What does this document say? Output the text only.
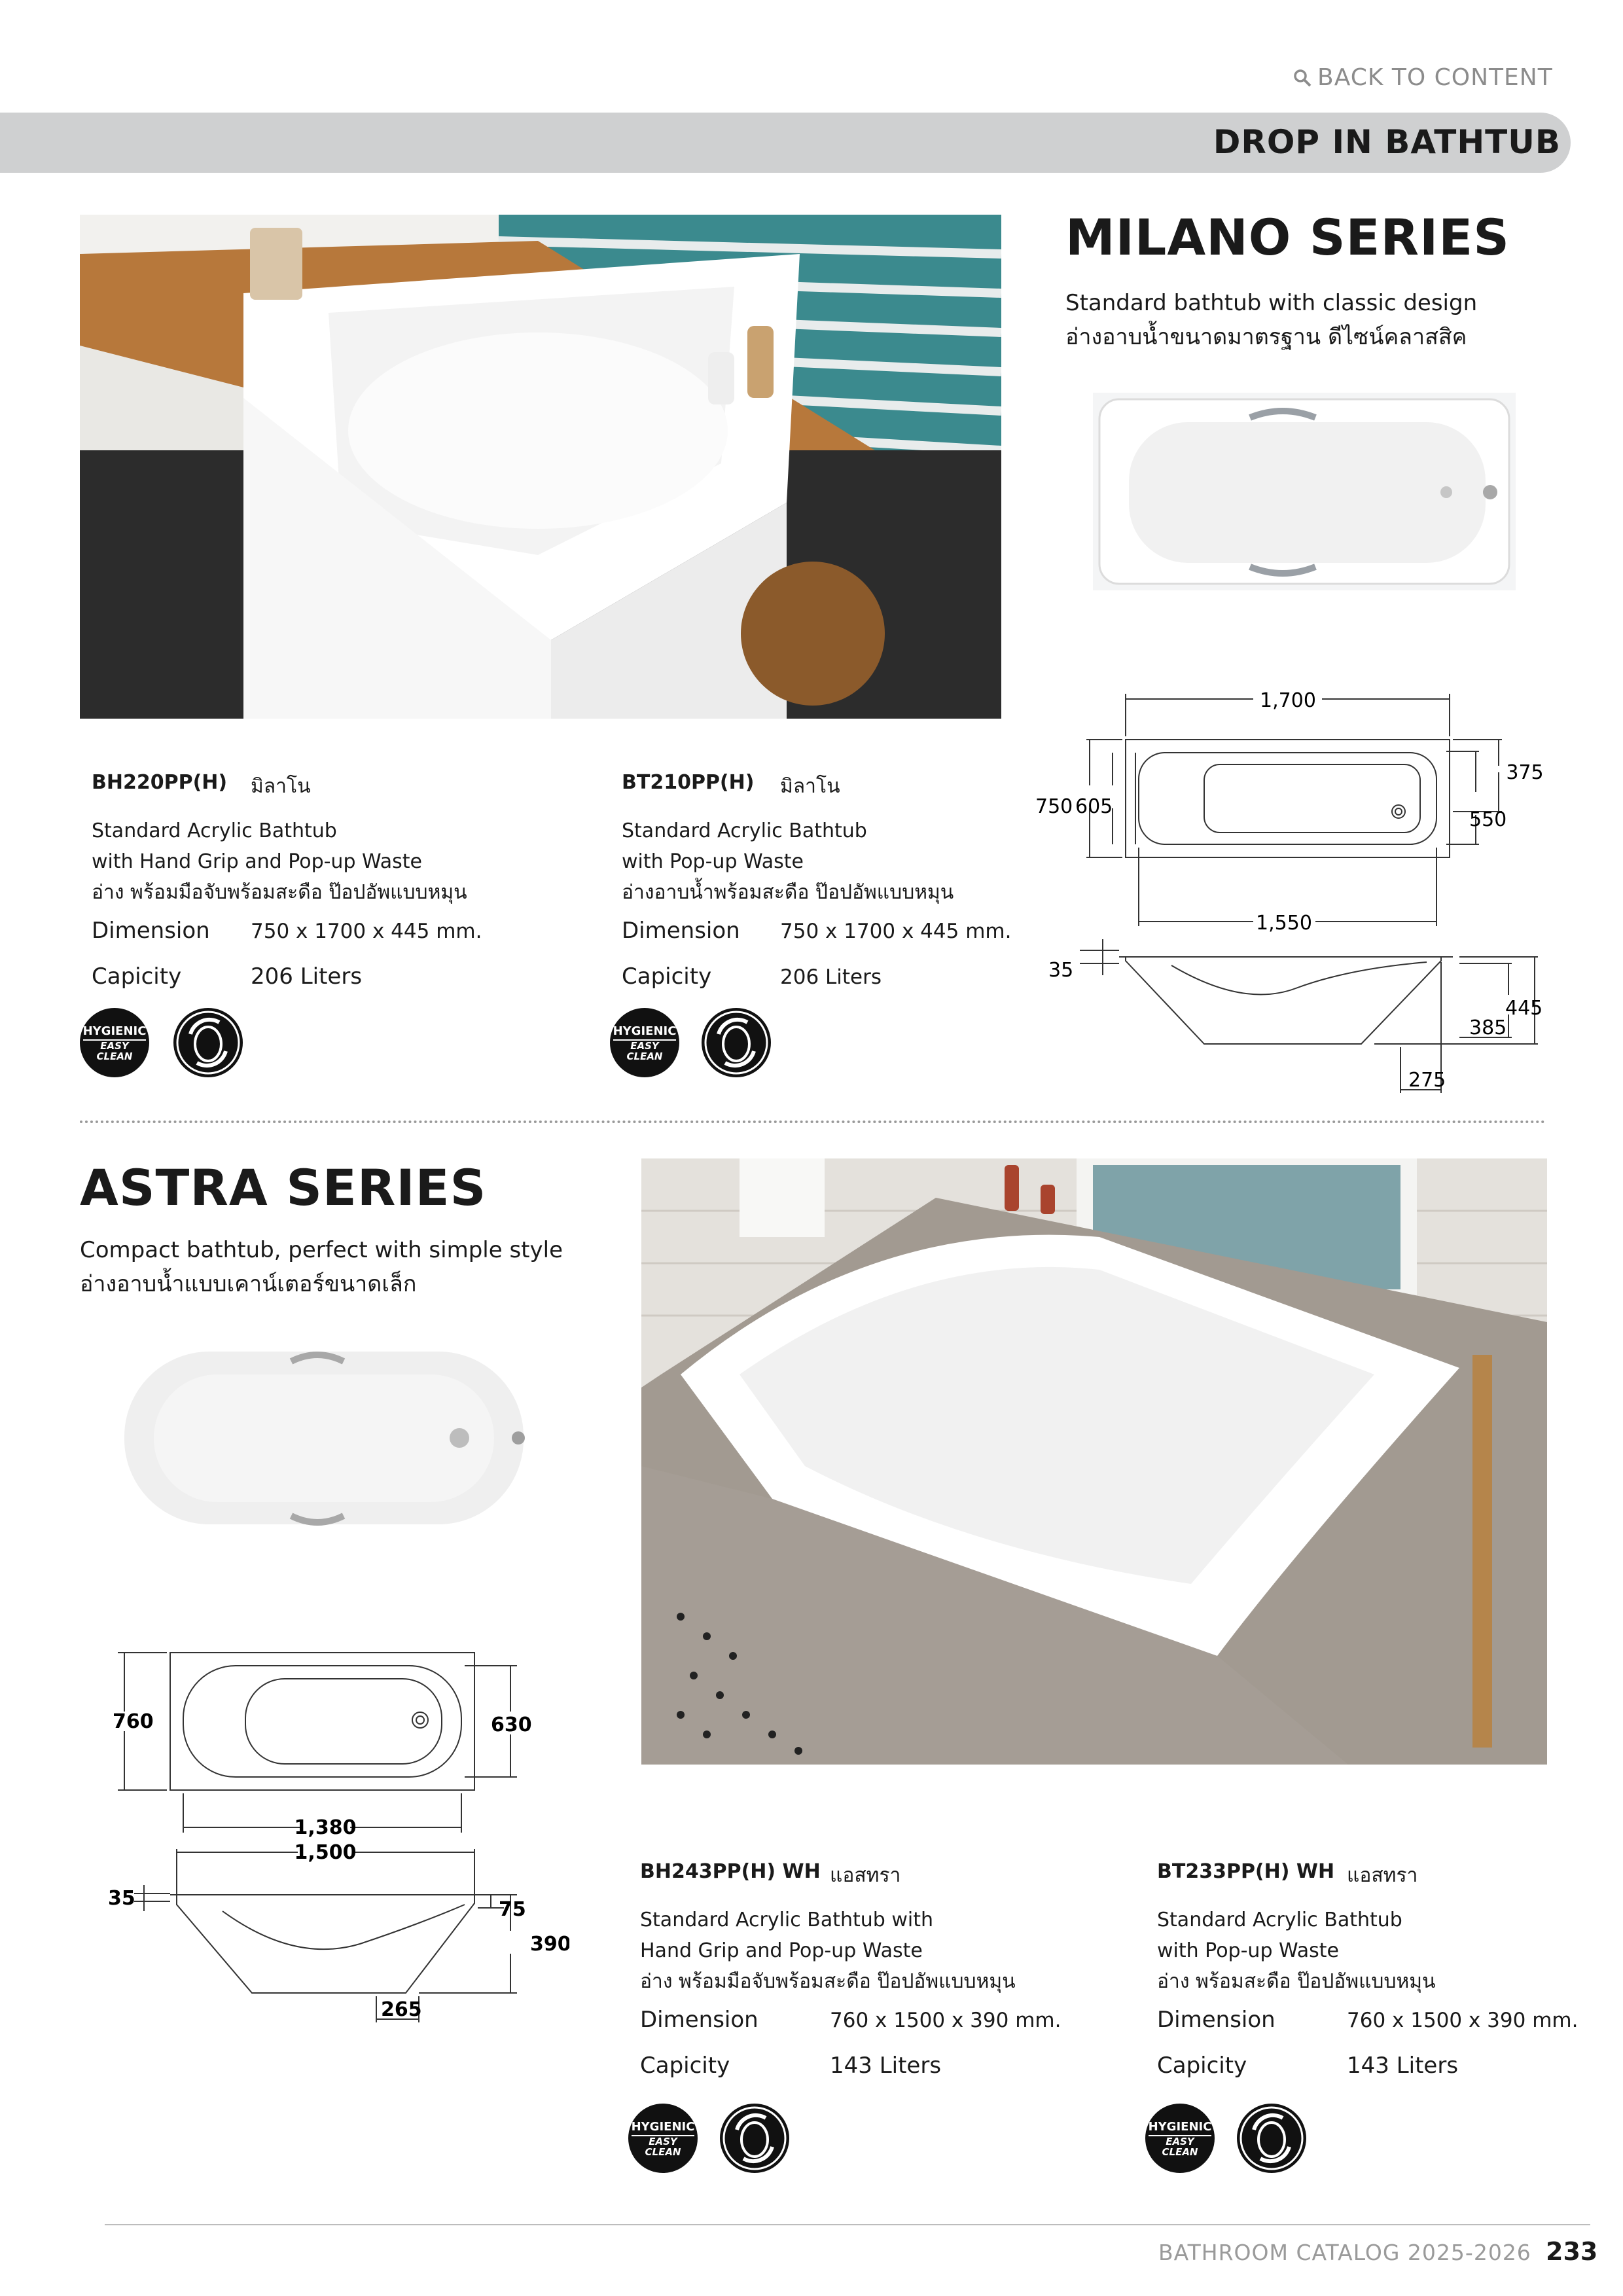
BACK TO CONTENT
DROP IN BATHTUB
MILANO SERIES
Standard bathtub with classic design
อ่างอาบน้ำขนาดมาตรฐาน ดีไซน์คลาสสิค
1,700
375
750 605
550
1,550
35
445
385
275
BH220PP(H) มิลาโน
Standard Acrylic Bathtub
with Hand Grip and Pop-up Waste
อ่าง พร้อมมือจับพร้อมสะดือ ป๊อปอัพแบบหมุน
Dimension 750 x 1700 x 445 mm.
Capicity	206 Liters
HYGIENIC
EASY
CLEAN
BT210PP(H) มิลาโน
Standard Acrylic Bathtub
with Pop-up Waste
อ่างอาบน้ำพร้อมสะดือ ป๊อปอัพแบบหมุน
Dimension 750 x 1700 x 445 mm.
Capicity	206 Liters
HYGIENIC
EASY
CLEAN
ASTRA SERIES
Compact bathtub, perfect with simple style
อ่างอาบน้ำแบบเคาน์เตอร์ขนาดเล็ก
760	630
1,380
1,500
35	75
390
265
BH243PP(H) WH แอสทรา
Standard Acrylic Bathtub with
Hand Grip and Pop-up Waste
อ่าง พร้อมมือจับพร้อมสะดือ ป๊อปอัพแบบหมุน
Dimension	760 x 1500 x 390 mm.
Capicity	143 Liters
HYGIENIC
EASY
CLEAN
BT233PP(H) WH แอสทรา
Standard Acrylic Bathtub
with Pop-up Waste
อ่าง พร้อมสะดือ ป๊อปอัพแบบหมุน
Dimension	760 x 1500 x 390 mm.
Capicity	143 Liters
HYGIENIC
EASY
CLEAN
BATHROOM CATALOG 2025-2026 233
